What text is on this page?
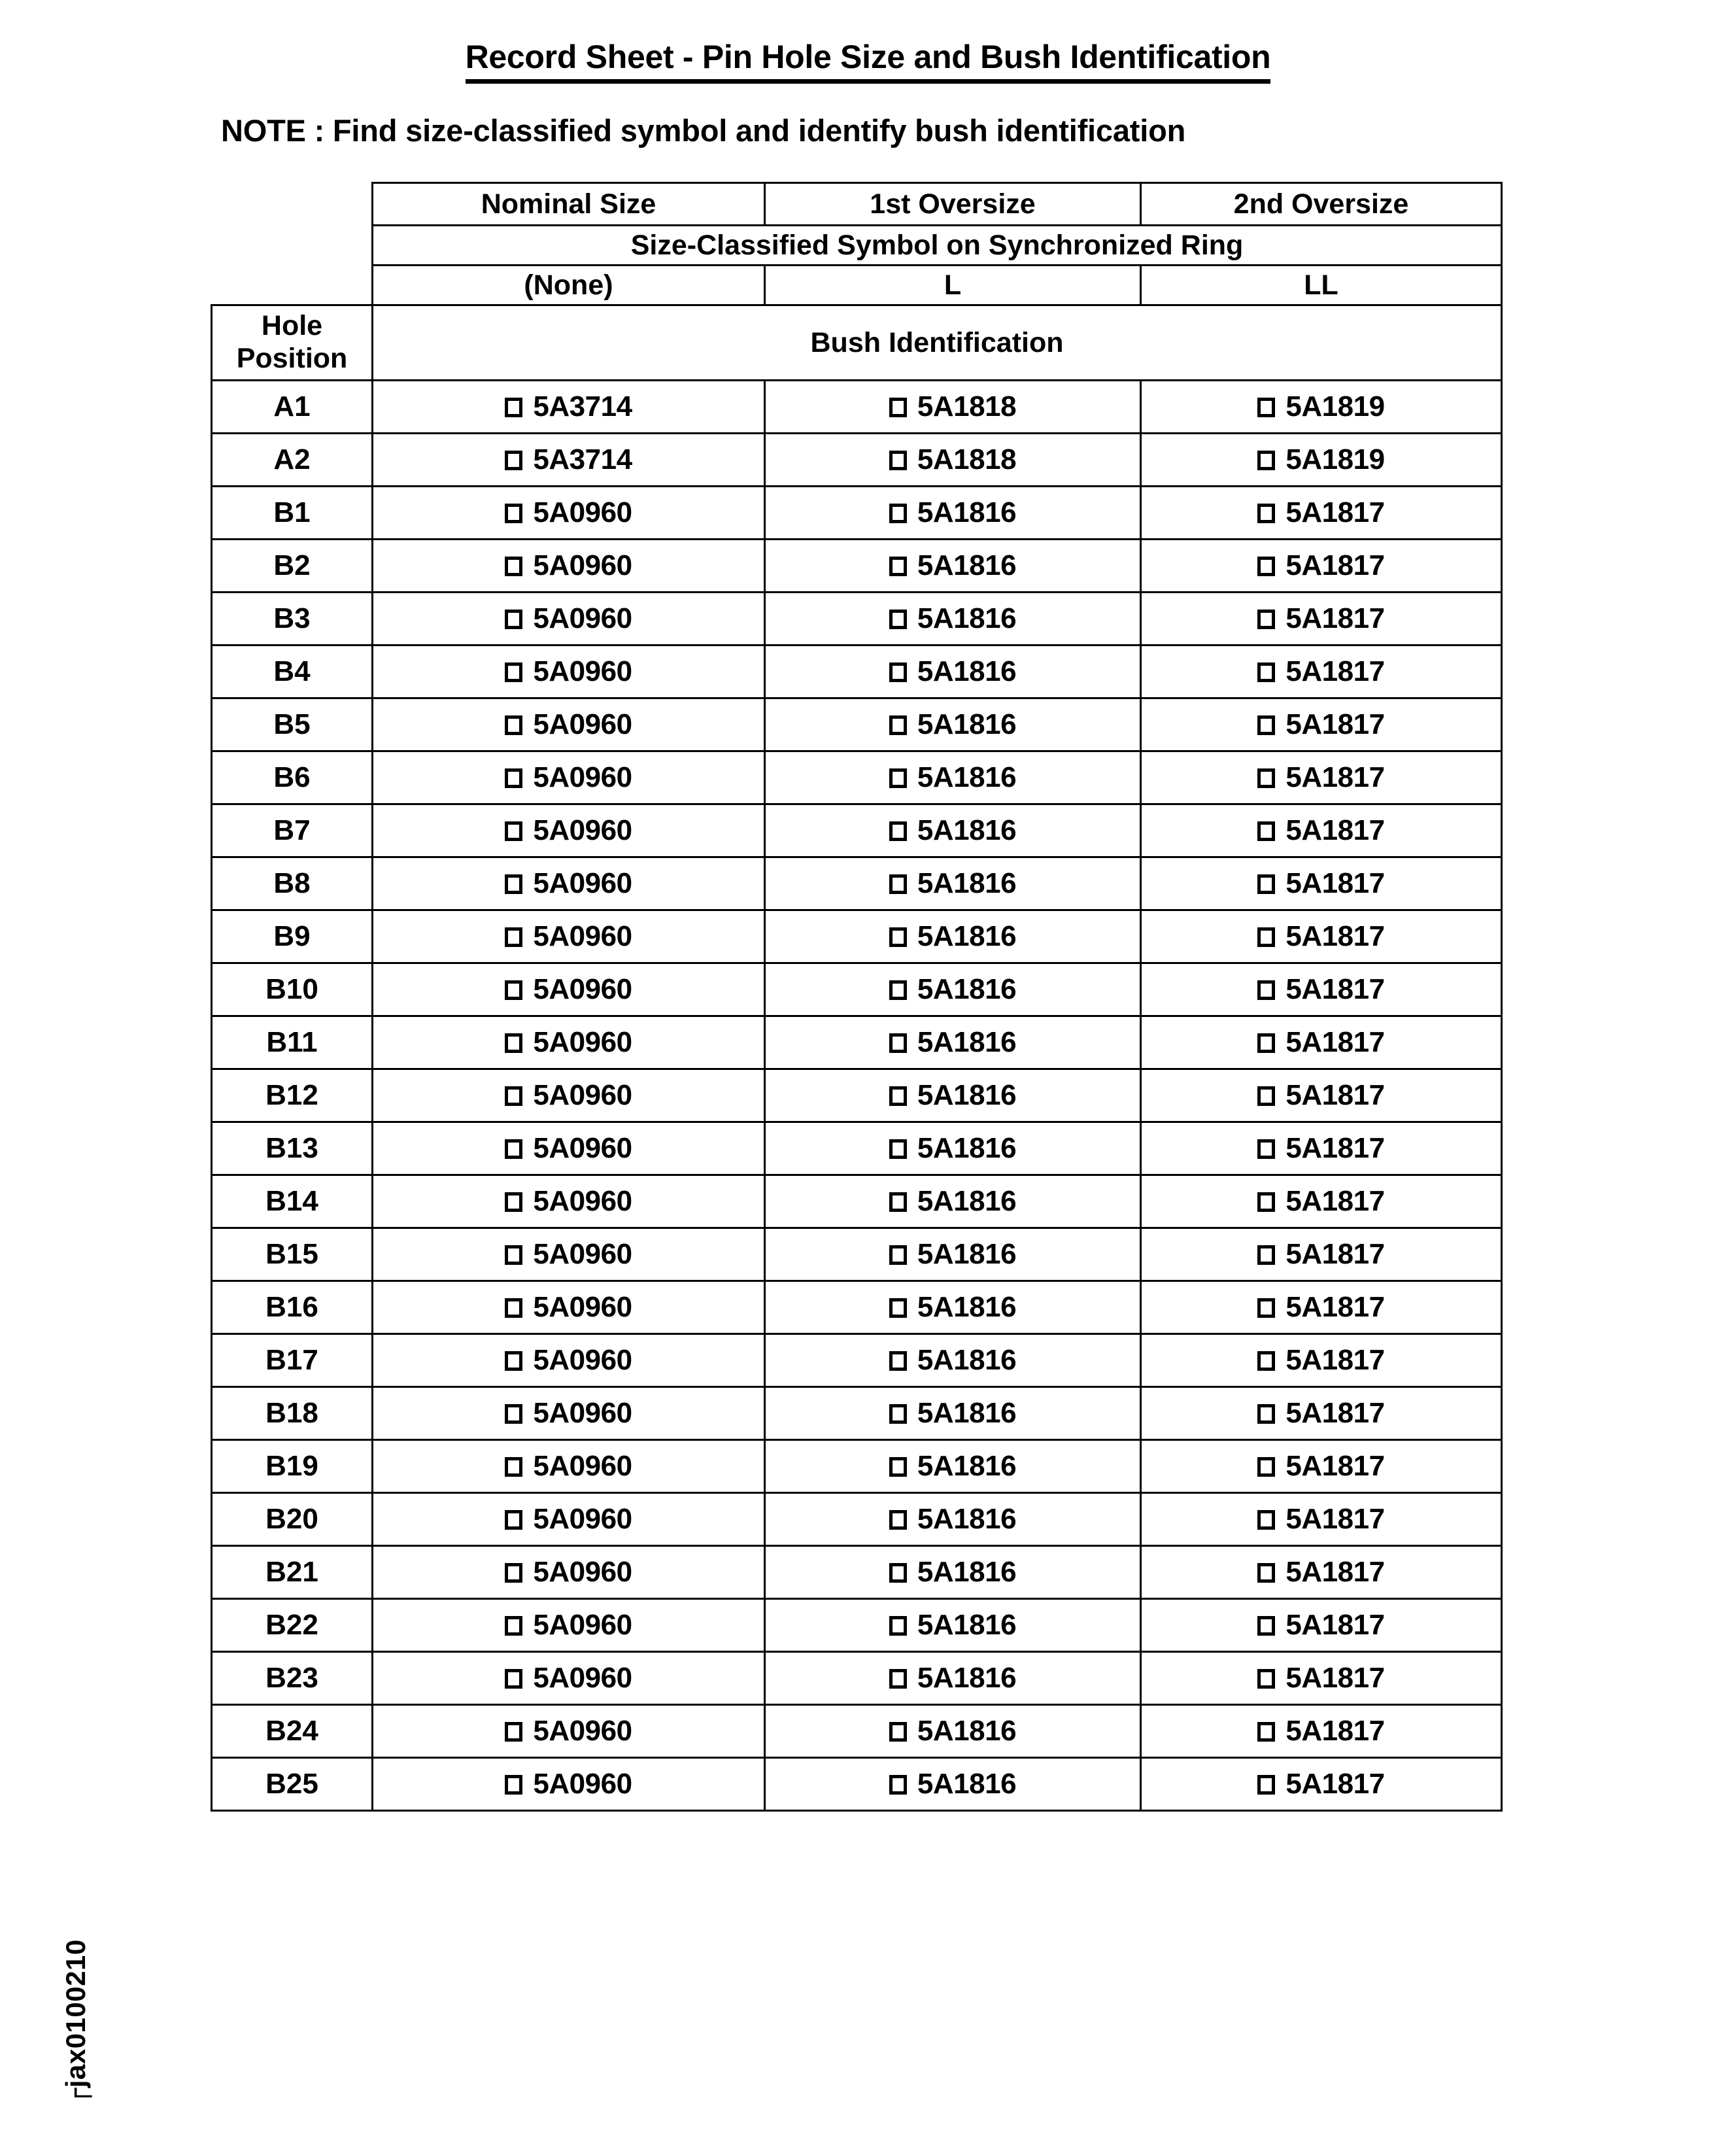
Record Sheet - Pin Hole Size and Bush Identification
NOTE : Find size-classified symbol and identify bush identification
	Nominal Size	1st Oversize	2nd Oversize
	Size-Classified Symbol on Synchronized Ring		
	(None)	L	LL

Hole
Position	Bush Identification		
A1	5A3714	5A1818	5A1819

A2	5A3714	5A1818	5A1819

B1	5A0960	5A1816	5A1817

B2	5A0960	5A1816	5A1817

B3	5A0960	5A1816	5A1817

B4	5A0960	5A1816	5A1817

B5	5A0960	5A1816	5A1817

B6	5A0960	5A1816	5A1817

B7	5A0960	5A1816	5A1817

B8	5A0960	5A1816	5A1817

B9	5A0960	5A1816	5A1817

B10	5A0960	5A1816	5A1817

B11	5A0960	5A1816	5A1817

B12	5A0960	5A1816	5A1817

B13	5A0960	5A1816	5A1817

B14	5A0960	5A1816	5A1817

B15	5A0960	5A1816	5A1817

B16	5A0960	5A1816	5A1817

B17	5A0960	5A1816	5A1817

B18	5A0960	5A1816	5A1817

B19	5A0960	5A1816	5A1817

B20	5A0960	5A1816	5A1817

B21	5A0960	5A1816	5A1817

B22	5A0960	5A1816	5A1817

B23	5A0960	5A1816	5A1817

B24	5A0960	5A1816	5A1817

B25	5A0960	5A1816	5A1817
┌jax0100210
